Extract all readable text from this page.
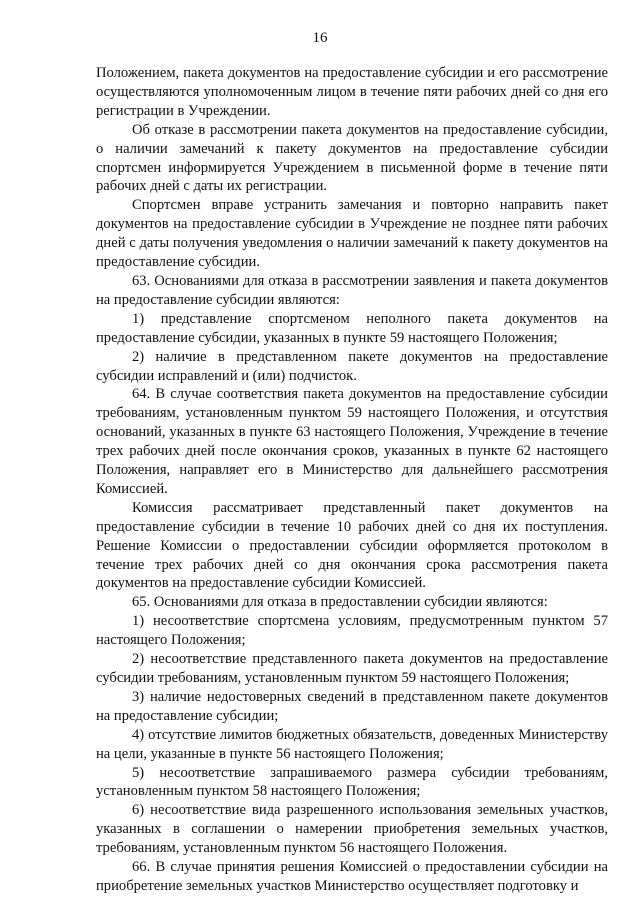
16

Положением, пакета документов на предоставление субсидии и его рассмотрение осуществляются уполномоченным лицом в течение пяти рабочих дней со дня его регистрации в Учреждении.

Об отказе в рассмотрении пакета документов на предоставление субсидии, о наличии замечаний к пакету документов на предоставление субсидии спортсмен информируется Учреждением в письменной форме в течение пяти рабочих дней с даты их регистрации.

Спортсмен вправе устранить замечания и повторно направить пакет документов на предоставление субсидии в Учреждение не позднее пяти рабочих дней с даты получения уведомления о наличии замечаний к пакету документов на предоставление субсидии.

63. Основаниями для отказа в рассмотрении заявления и пакета документов на предоставление субсидии являются:

1) представление спортсменом неполного пакета документов на предоставление субсидии, указанных в пункте 59 настоящего Положения;

2) наличие в представленном пакете документов на предоставление субсидии исправлений и (или) подчисток.

64. В случае соответствия пакета документов на предоставление субсидии требованиям, установленным пунктом 59 настоящего Положения, и отсутствия оснований, указанных в пункте 63 настоящего Положения, Учреждение в течение трех рабочих дней после окончания сроков, указанных в пункте 62 настоящего Положения, направляет его в Министерство для дальнейшего рассмотрения Комиссией.

Комиссия рассматривает представленный пакет документов на предоставление субсидии в течение 10 рабочих дней со дня их поступления. Решение Комиссии о предоставлении субсидии оформляется протоколом в течение трех рабочих дней со дня окончания срока рассмотрения пакета документов на предоставление субсидии Комиссией.

65. Основаниями для отказа в предоставлении субсидии являются:

1) несоответствие спортсмена условиям, предусмотренным пунктом 57 настоящего Положения;

2) несоответствие представленного пакета документов на предоставление субсидии требованиям, установленным пунктом 59 настоящего Положения;

3) наличие недостоверных сведений в представленном пакете документов на предоставление субсидии;

4) отсутствие лимитов бюджетных обязательств, доведенных Министерству на цели, указанные в пункте 56 настоящего Положения;

5) несоответствие запрашиваемого размера субсидии требованиям, установленным пунктом 58 настоящего Положения;

6) несоответствие вида разрешенного использования земельных участков, указанных в соглашении о намерении приобретения земельных участков, требованиям, установленным пунктом 56 настоящего Положения.

66. В случае принятия решения Комиссией о предоставлении субсидии на приобретение земельных участков Министерство осуществляет подготовку и
